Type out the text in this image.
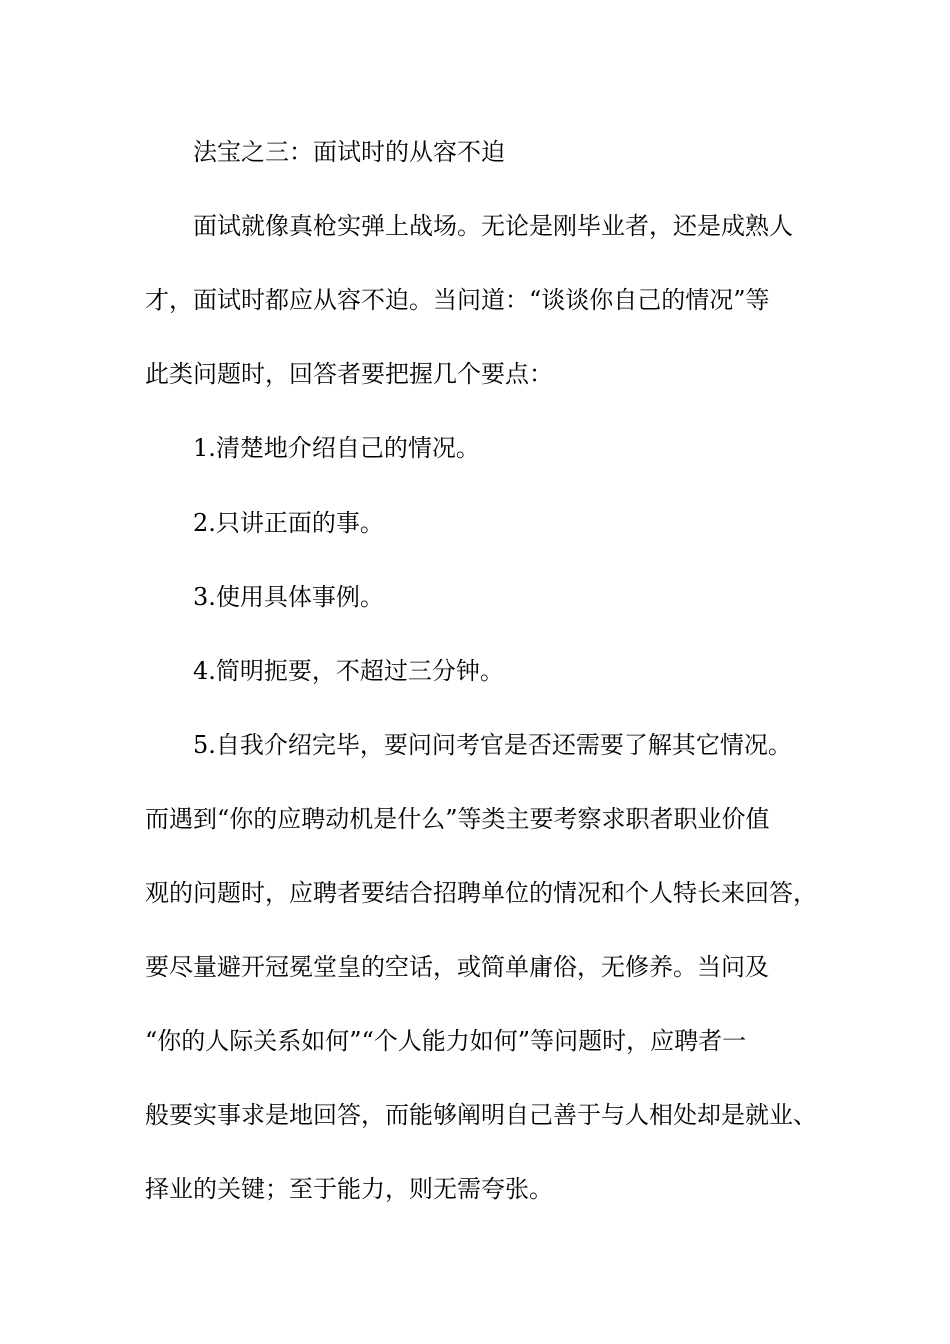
法宝之三：面试时的从容不迫
面试就像真枪实弹上战场。无论是刚毕业者，还是成熟人
才，面试时都应从容不迫。当问道：“谈谈你自己的情况”等
此类问题时，回答者要把握几个要点：
1.清楚地介绍自己的情况。
2.只讲正面的事。
3.使用具体事例。
4.简明扼要，不超过三分钟。
5.自我介绍完毕，要问问考官是否还需要了解其它情况。
而遇到“你的应聘动机是什么”等类主要考察求职者职业价值
观的问题时，应聘者要结合招聘单位的情况和个人特长来回答，
要尽量避开冠冕堂皇的空话，或简单庸俗，无修养。当问及
“你的人际关系如何”“个人能力如何”等问题时，应聘者一
般要实事求是地回答，而能够阐明自己善于与人相处却是就业、
择业的关键；至于能力，则无需夸张。
